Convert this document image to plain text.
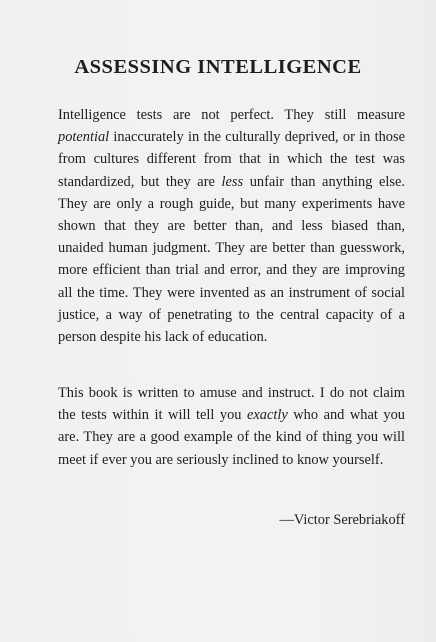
ASSESSING INTELLIGENCE

Intelligence tests are not perfect. They still measure potential inaccurately in the culturally deprived, or in those from cultures different from that in which the test was standardized, but they are less unfair than anything else. They are only a rough guide, but many experiments have shown that they are better than, and less biased than, unaided human judgment. They are better than guesswork, more efficient than trial and error, and they are improving all the time. They were invented as an instrument of social justice, a way of penetrating to the central capacity of a person despite his lack of education.

This book is written to amuse and instruct. I do not claim the tests within it will tell you exactly who and what you are. They are a good example of the kind of thing you will meet if ever you are seriously inclined to know yourself.

—Victor Serebriakoff
